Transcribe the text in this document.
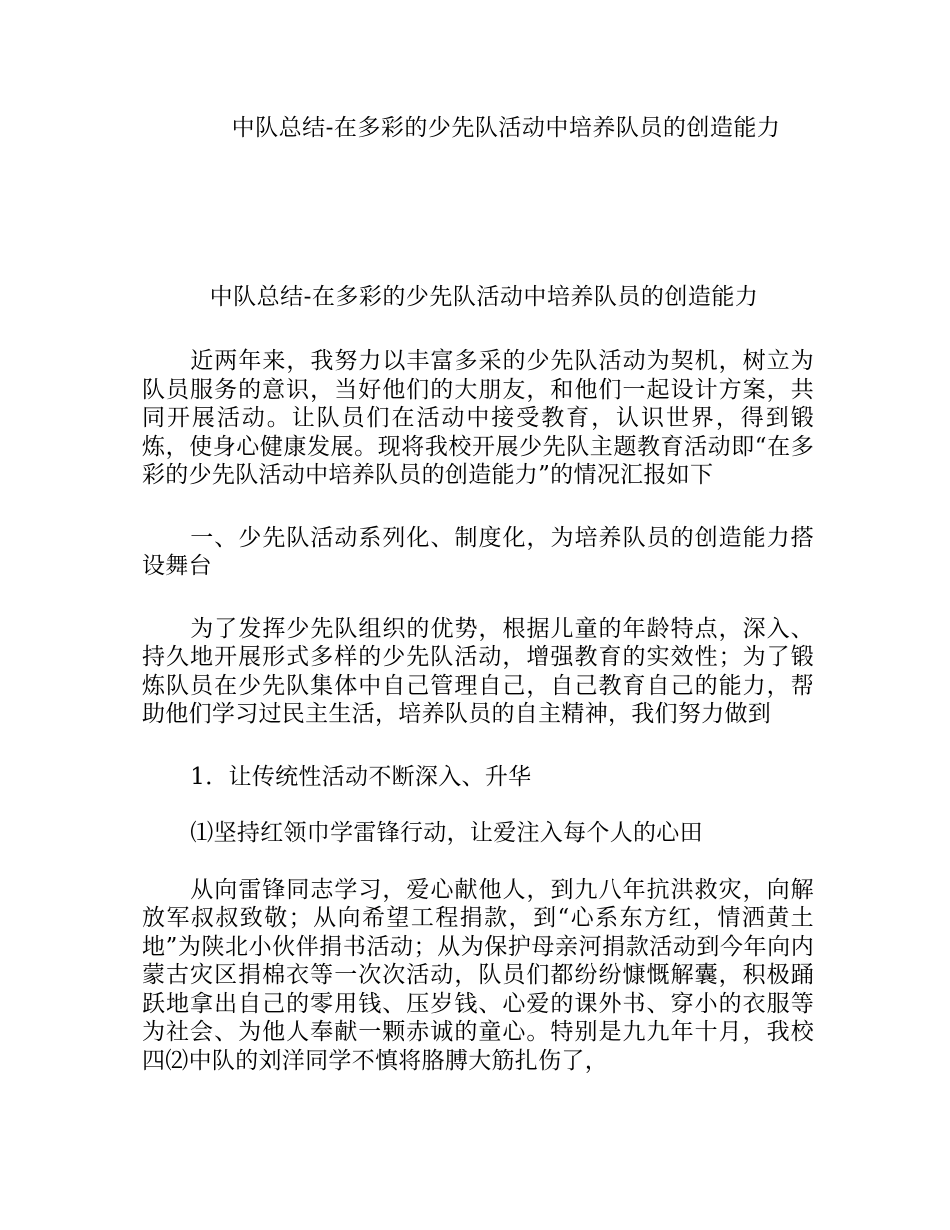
中队总结-在多彩的少先队活动中培养队员的创造能力
中队总结-在多彩的少先队活动中培养队员的创造能力

近两年来，我努力以丰富多采的少先队活动为契机，树立为队员服务的意识，当好他们的大朋友，和他们一起设计方案，共同开展活动。让队员们在活动中接受教育，认识世界，得到锻炼，使身心健康发展。现将我校开展少先队主题教育活动即“在多彩的少先队活动中培养队员的创造能力”的情况汇报如下

一、少先队活动系列化、制度化，为培养队员的创造能力搭设舞台

为了发挥少先队组织的优势，根据儿童的年龄特点，深入、持久地开展形式多样的少先队活动，增强教育的实效性；为了锻炼队员在少先队集体中自己管理自己，自己教育自己的能力，帮助他们学习过民主生活，培养队员的自主精神，我们努力做到

1．让传统性活动不断深入、升华

⑴坚持红领巾学雷锋行动，让爱注入每个人的心田

从向雷锋同志学习，爱心献他人，到九八年抗洪救灾，向解放军叔叔致敬；从向希望工程捐款，到“心系东方红，情洒黄土地”为陕北小伙伴捐书活动；从为保护母亲河捐款活动到今年向内蒙古灾区捐棉衣等一次次活动，队员们都纷纷慷慨解囊，积极踊跃地拿出自己的零用钱、压岁钱、心爱的课外书、穿小的衣服等为社会、为他人奉献一颗赤诚的童心。特别是九九年十月，我校四⑵中队的刘洋同学不慎将胳膊大筋扎伤了，
